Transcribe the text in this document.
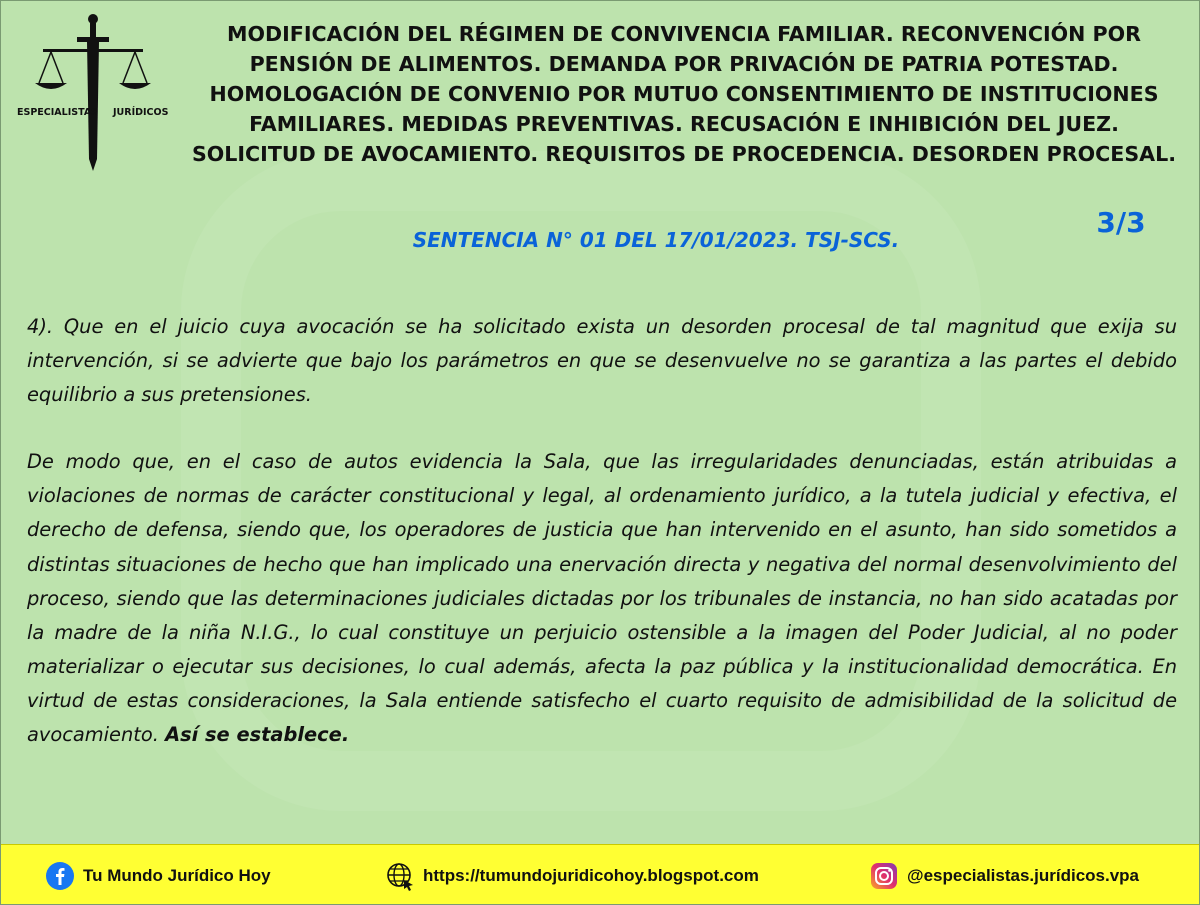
ESPECIALISTAS JURÍDICOS
MODIFICACIÓN DEL RÉGIMEN DE CONVIVENCIA FAMILIAR. RECONVENCIÓN POR
PENSIÓN DE ALIMENTOS. DEMANDA POR PRIVACIÓN DE PATRIA POTESTAD.
HOMOLOGACIÓN DE CONVENIO POR MUTUO CONSENTIMIENTO DE INSTITUCIONES
FAMILIARES. MEDIDAS PREVENTIVAS. RECUSACIÓN E INHIBICIÓN DEL JUEZ.
SOLICITUD DE AVOCAMIENTO. REQUISITOS DE PROCEDENCIA. DESORDEN PROCESAL.
3/3
SENTENCIA N° 01 DEL 17/01/2023. TSJ-SCS.

4). Que en el juicio cuya avocación se ha solicitado exista un desorden procesal de tal magnitud que exija su intervención, si se advierte que bajo los parámetros en que se desenvuelve no se garantiza a las partes el debido equilibrio a sus pretensiones.

De modo que, en el caso de autos evidencia la Sala, que las irregularidades denunciadas, están atribuidas a violaciones de normas de carácter constitucional y legal, al ordenamiento jurídico, a la tutela judicial y efectiva, el derecho de defensa, siendo que, los operadores de justicia que han intervenido en el asunto, han sido sometidos a distintas situaciones de hecho que han implicado una enervación directa y negativa del normal desenvolvimiento del proceso, siendo que las determinaciones judiciales dictadas por los tribunales de instancia, no han sido acatadas por la madre de la niña N.I.G., lo cual constituye un perjuicio ostensible a la imagen del Poder Judicial, al no poder materializar o ejecutar sus decisiones, lo cual además, afecta la paz pública y la institucionalidad democrática. En virtud de estas consideraciones, la Sala entiende satisfecho el cuarto requisito de admisibilidad de la solicitud de avocamiento. Así se establece.

Tu Mundo Jurídico Hoy	https://tumundojuridicohoy.blogspot.com	@especialistas.jurídicos.vpa
